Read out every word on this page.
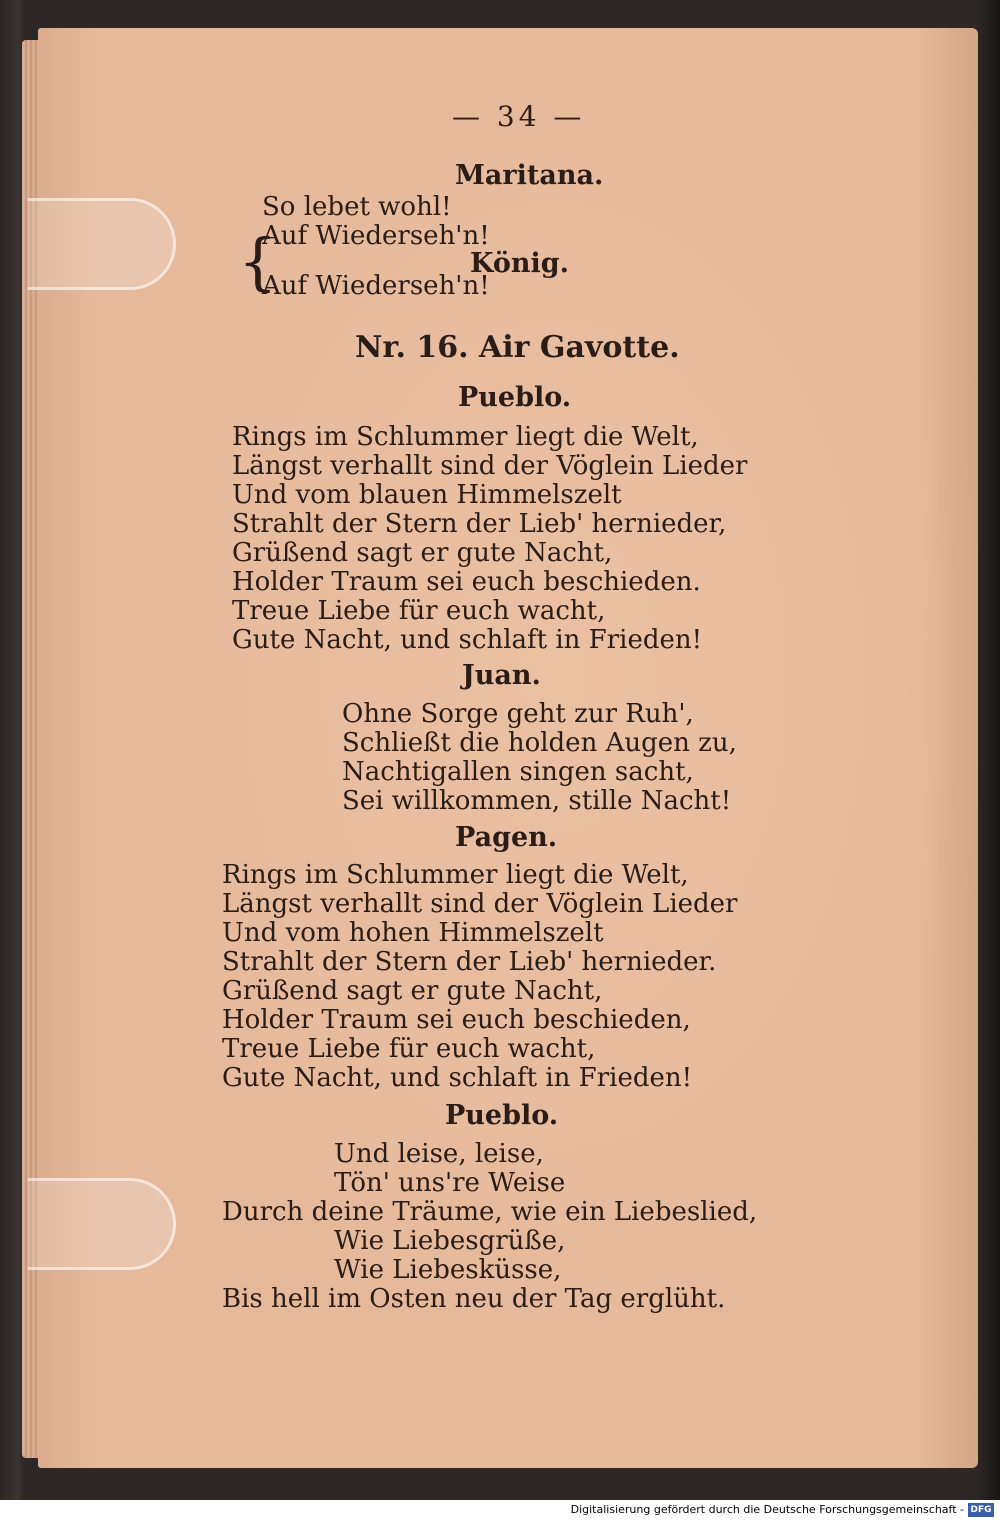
— 34 —
Maritana.
So lebet wohl!
Auf Wiederseh'n!
{	König.
Auf Wiederseh'n!
Nr. 16. Air Gavotte.
Pueblo.
Rings im Schlummer liegt die Welt,
Längst verhallt sind der Vöglein Lieder
Und vom blauen Himmelszelt
Strahlt der Stern der Lieb' hernieder,
Grüßend sagt er gute Nacht,
Holder Traum sei euch beschieden.
Treue Liebe für euch wacht,
Gute Nacht, und schlaft in Frieden!
Juan.
Ohne Sorge geht zur Ruh',
Schließt die holden Augen zu,
Nachtigallen singen sacht,
Sei willkommen, stille Nacht!
Pagen.
Rings im Schlummer liegt die Welt,
Längst verhallt sind der Vöglein Lieder
Und vom hohen Himmelszelt
Strahlt der Stern der Lieb' hernieder.
Grüßend sagt er gute Nacht,
Holder Traum sei euch beschieden,
Treue Liebe für euch wacht,
Gute Nacht, und schlaft in Frieden!
Pueblo.
Und leise, leise,
Tön' uns're Weise
Durch deine Träume, wie ein Liebeslied,
Wie Liebesgrüße,
Wie Liebesküsse,
Bis hell im Osten neu der Tag erglüht.
Digitalisierung gefördert durch die Deutsche Forschungsgemeinschaft - DFG
